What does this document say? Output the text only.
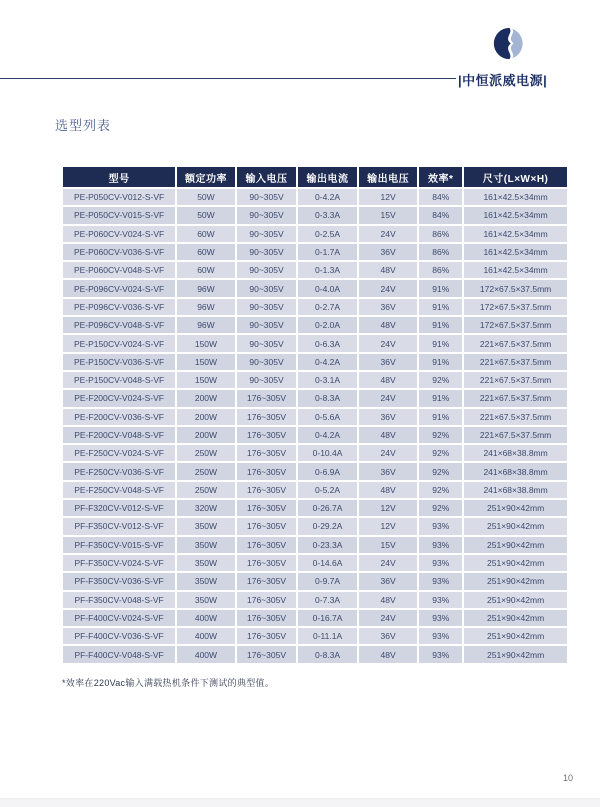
|中恒派威电源|
选型列表
型号	额定功率	输入电压	输出电流	输出电压	效率*	尺寸(L×W×H)
PE-P050CV-V012-S-VF	50W	90~305V	0-4.2A	12V	84%	161×42.5×34mm
PE-P050CV-V015-S-VF	50W	90~305V	0-3.3A	15V	84%	161×42.5×34mm
PE-P060CV-V024-S-VF	60W	90~305V	0-2.5A	24V	86%	161×42.5×34mm
PE-P060CV-V036-S-VF	60W	90~305V	0-1.7A	36V	86%	161×42.5×34mm
PE-P060CV-V048-S-VF	60W	90~305V	0-1.3A	48V	86%	161×42.5×34mm
PE-P096CV-V024-S-VF	96W	90~305V	0-4.0A	24V	91%	172×67.5×37.5mm
PE-P096CV-V036-S-VF	96W	90~305V	0-2.7A	36V	91%	172×67.5×37.5mm
PE-P096CV-V048-S-VF	96W	90~305V	0-2.0A	48V	91%	172×67.5×37.5mm
PE-P150CV-V024-S-VF	150W	90~305V	0-6.3A	24V	91%	221×67.5×37.5mm
PE-P150CV-V036-S-VF	150W	90~305V	0-4.2A	36V	91%	221×67.5×37.5mm
PE-P150CV-V048-S-VF	150W	90~305V	0-3.1A	48V	92%	221×67.5×37.5mm
PE-F200CV-V024-S-VF	200W	176~305V	0-8.3A	24V	91%	221×67.5×37.5mm
PE-F200CV-V036-S-VF	200W	176~305V	0-5.6A	36V	91%	221×67.5×37.5mm
PE-F200CV-V048-S-VF	200W	176~305V	0-4.2A	48V	92%	221×67.5×37.5mm
PE-F250CV-V024-S-VF	250W	176~305V	0-10.4A	24V	92%	241×68×38.8mm
PE-F250CV-V036-S-VF	250W	176~305V	0-6.9A	36V	92%	241×68×38.8mm
PE-F250CV-V048-S-VF	250W	176~305V	0-5.2A	48V	92%	241×68×38.8mm
PF-F320CV-V012-S-VF	320W	176~305V	0-26.7A	12V	92%	251×90×42mm
PF-F350CV-V012-S-VF	350W	176~305V	0-29.2A	12V	93%	251×90×42mm
PF-F350CV-V015-S-VF	350W	176~305V	0-23.3A	15V	93%	251×90×42mm
PF-F350CV-V024-S-VF	350W	176~305V	0-14.6A	24V	93%	251×90×42mm
PF-F350CV-V036-S-VF	350W	176~305V	0-9.7A	36V	93%	251×90×42mm
PF-F350CV-V048-S-VF	350W	176~305V	0-7.3A	48V	93%	251×90×42mm
PF-F400CV-V024-S-VF	400W	176~305V	0-16.7A	24V	93%	251×90×42mm
PF-F400CV-V036-S-VF	400W	176~305V	0-11.1A	36V	93%	251×90×42mm
PF-F400CV-V048-S-VF	400W	176~305V	0-8.3A	48V	93%	251×90×42mm
*效率在220Vac输入满载热机条件下测试的典型值。
10
